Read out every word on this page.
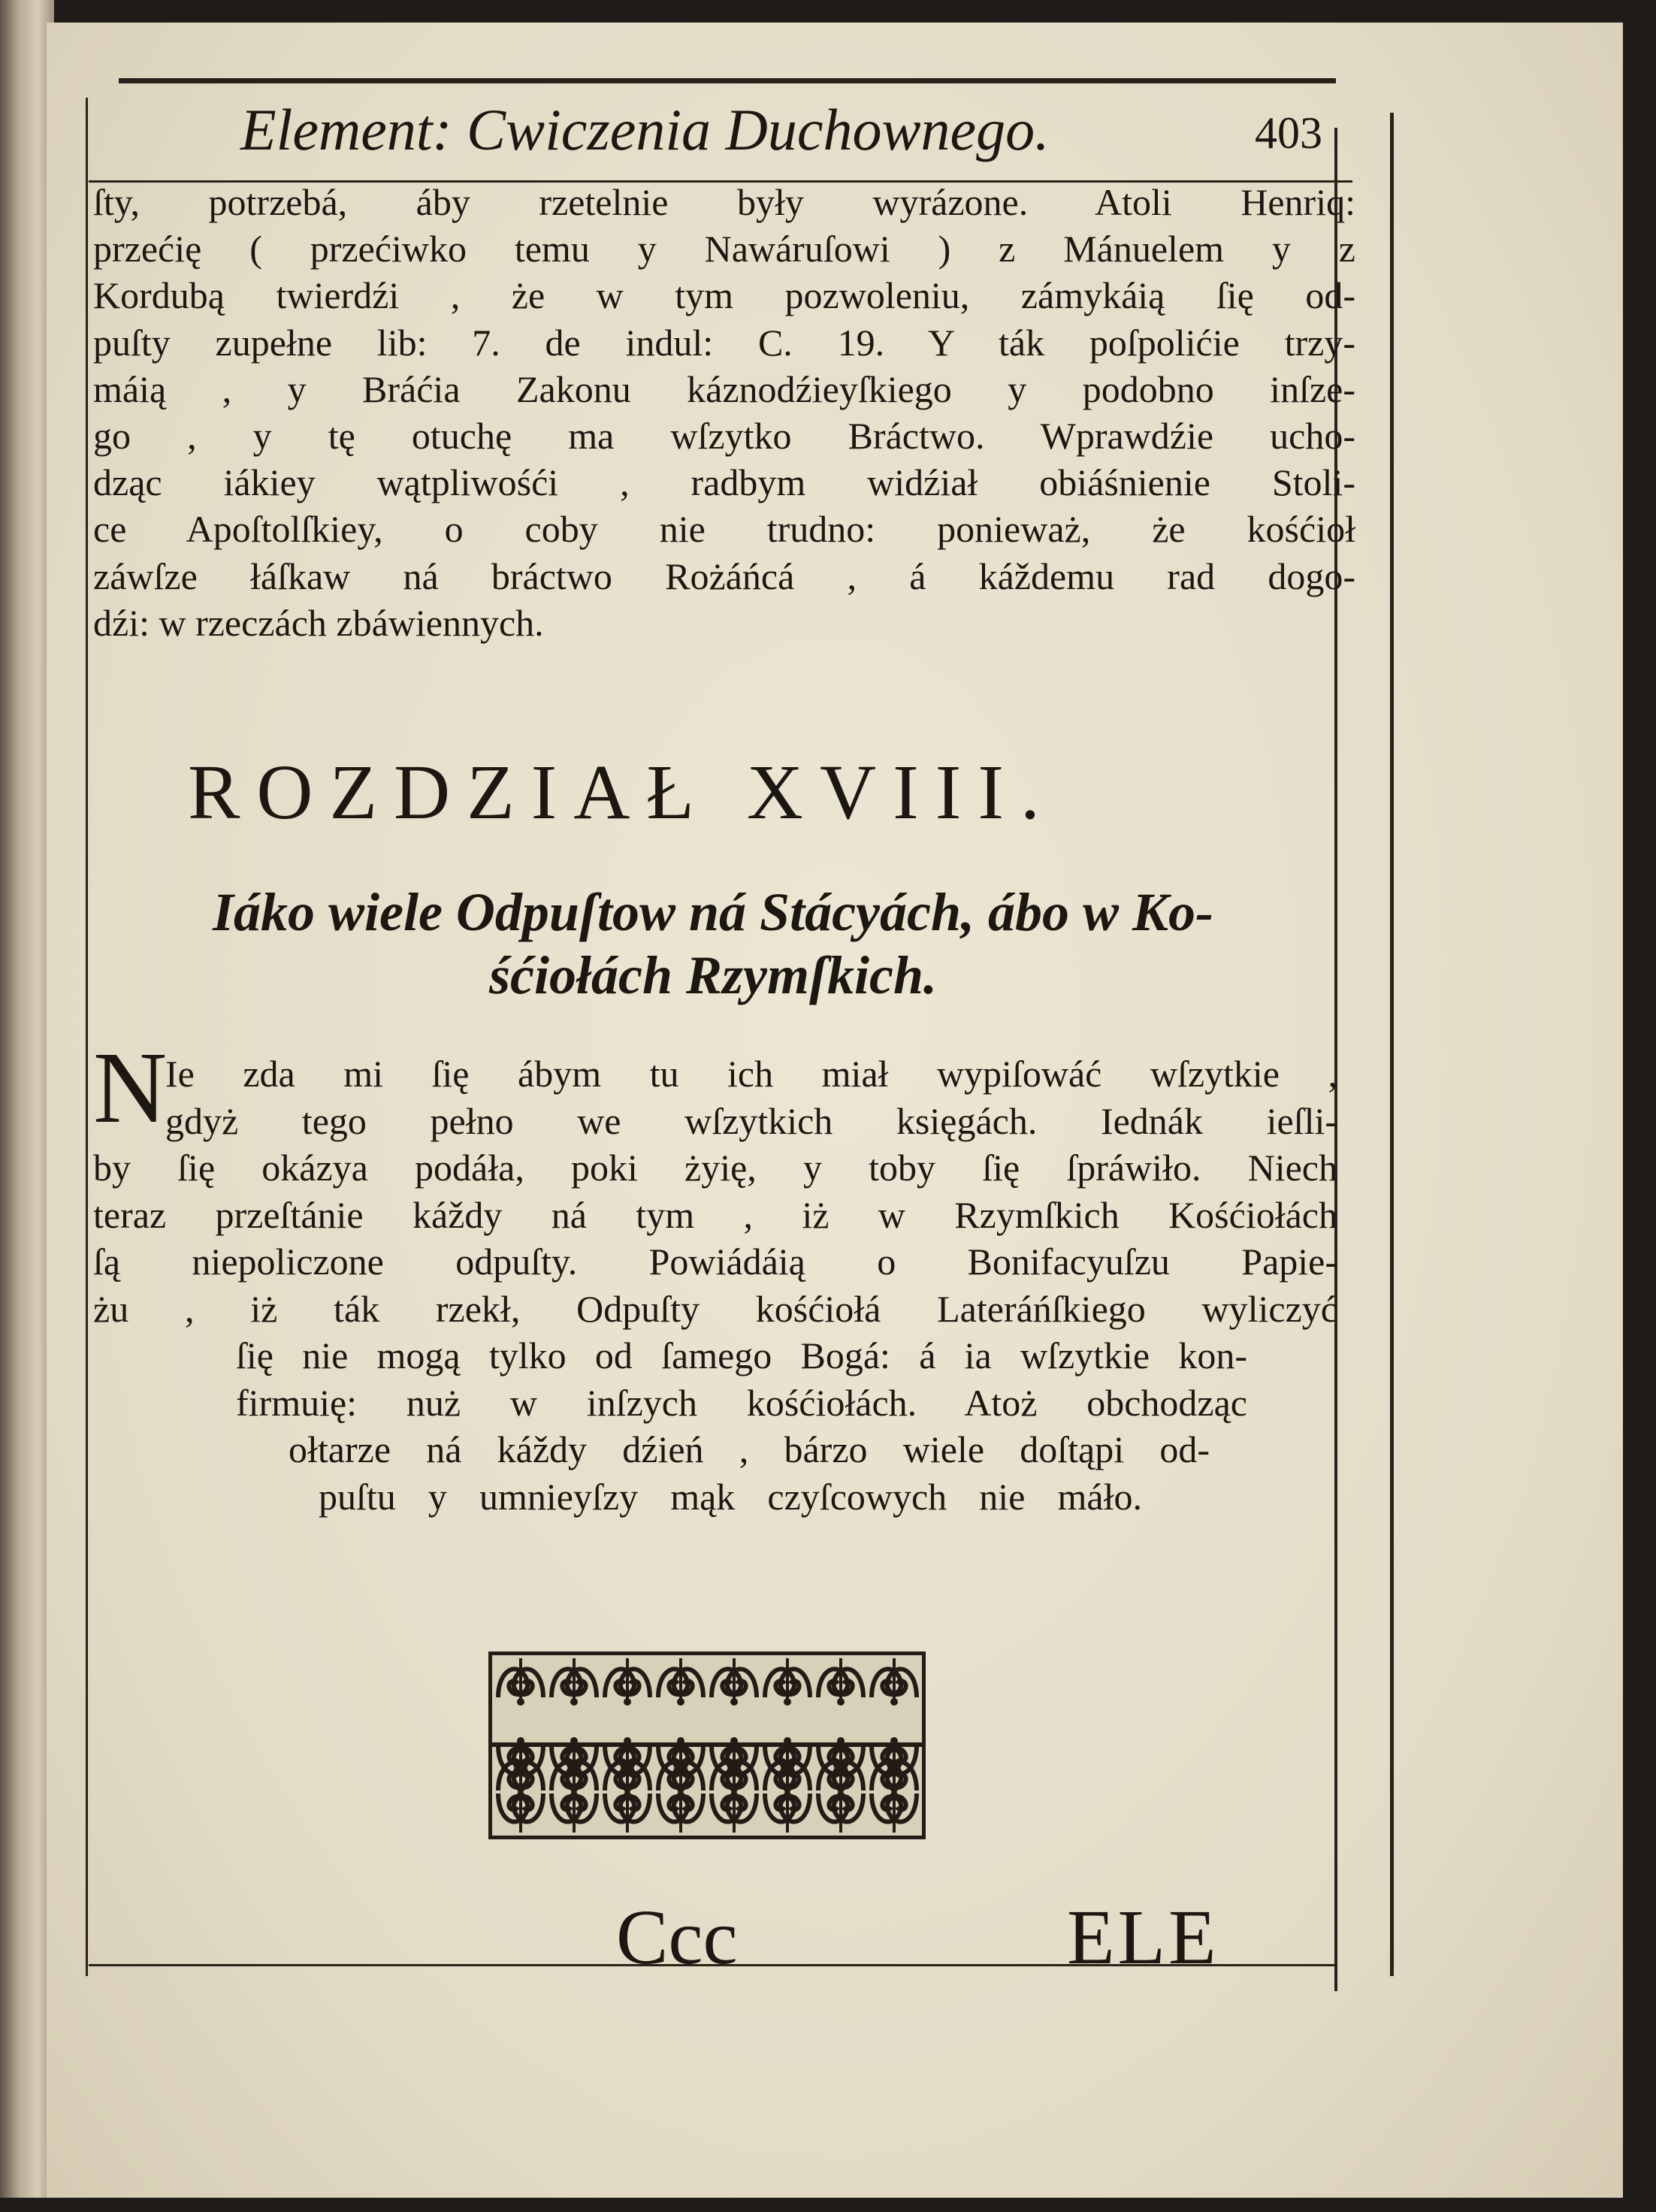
Element: Cwiczenia Duchownego.	403
ſty, potrzebá, áby rzetelnie były wyrázone. Atoli Henriq:
przećię ( przećiwko temu y Nawáruſowi ) z Mánuelem y z
Kordubą twierdźi , że w tym pozwoleniu, zámykáią ſię od-
puſty zupełne lib: 7. de indul: C. 19. Y ták poſpolićie trzy-
máią , y Bráćia Zakonu káznodźieyſkiego y podobno inſze-
go , y tę otuchę ma wſzytko Bráctwo. Wprawdźie ucho-
dząc iákiey wątpliwośći , radbym widźiał obiáśnienie Stoli-
ce Apoſtolſkiey, o coby nie trudno: ponieważ, że kośćioł
záwſze łáſkaw ná bráctwo Rożáńcá , á káždemu rad dogo-
dźi: w rzeczách zbáwiennych.
ROZDZIAŁ XVIII.
Iáko wiele Odpuſtow ná Stácyách, ábo w Ko-
śćiołách Rzymſkich.
N
Ie zda mi ſię ábym tu ich miał wypiſowáć wſzytkie ,
gdyż tego pełno we wſzytkich księgách. Iednák ieſli-
by ſię okázya podáła, poki żyię, y toby ſię ſpráwiło. Niech
teraz przeſtánie káždy ná tym , iż w Rzymſkich Kośćiołách
ſą niepoliczone odpuſty. Powiádáią o Bonifacyuſzu Papie-
żu , iż ták rzekł, Odpuſty kośćiołá Lateráńſkiego wyliczyć
ſię nie mogą tylko od ſamego Bogá: á ia wſzytkie kon-
firmuię: nuż w inſzych kośćiołách. Atoż obchodząc
ołtarze ná káždy dźień , bárzo wiele doſtąpi od-
puſtu y umnieyſzy mąk czyſcowych nie máło.
Ccc	ELE
